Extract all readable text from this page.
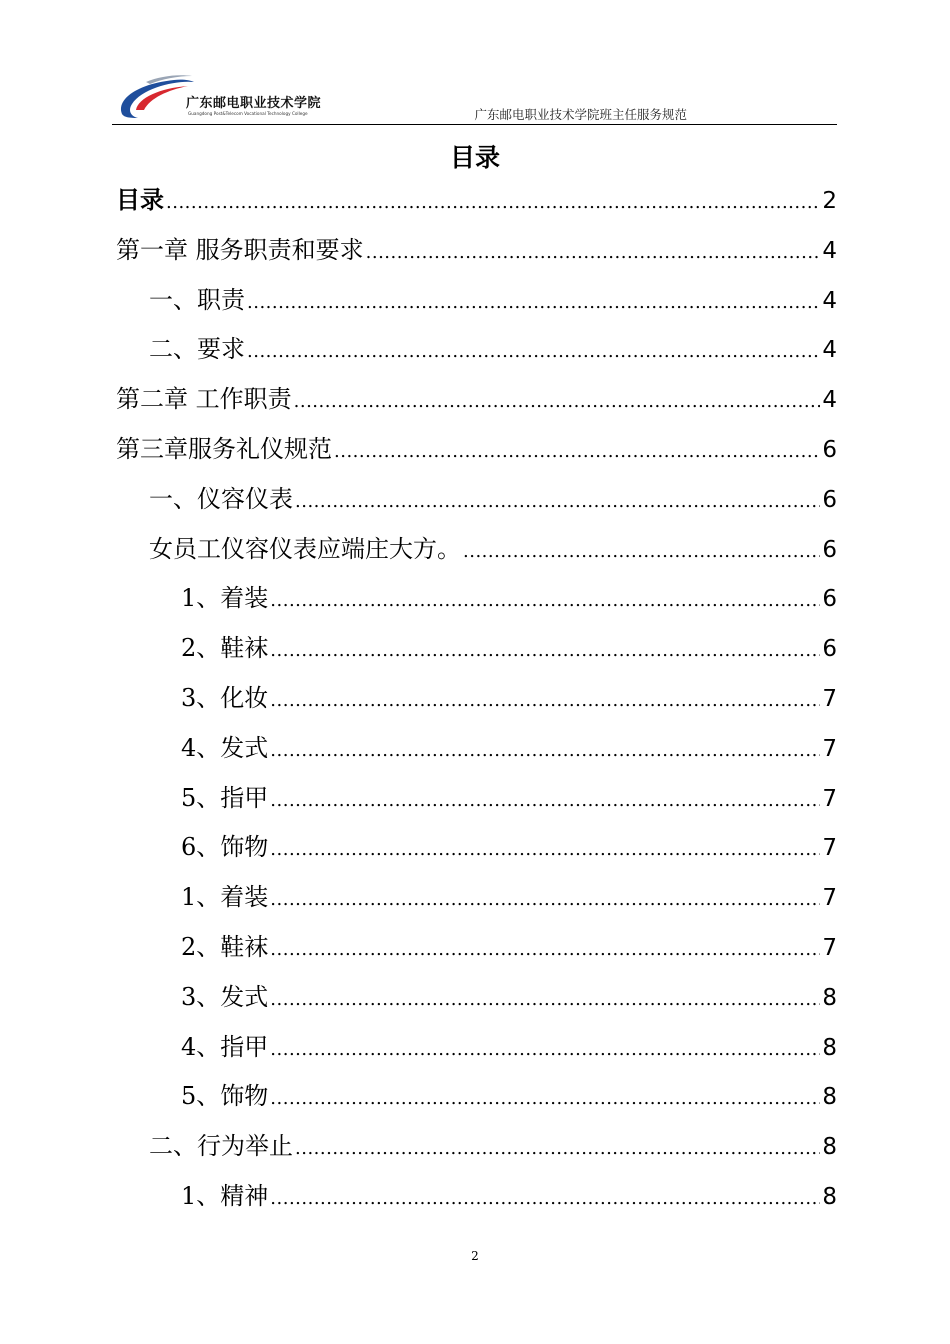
广东邮电职业技术学院
Guangdong Post&Telecom Vocational Technology College	广东邮电职业技术学院班主任服务规范
目录
目录 .....	2
第一章 服务职责和要求 .....	4
一、职责 .....	4
二、要求 .....	4
第二章 工作职责 .....	4
第三章服务礼仪规范 .....	6
一、仪容仪表 .....	6
女员工仪容仪表应端庄大方。 .....	6
1、着装 .....	6
2、鞋袜 .....	6
3、化妆 .....	7
4、发式 .....	7
5、指甲 .....	7
6、饰物 .....	7
1、着装 .....	7
2、鞋袜 .....	7
3、发式 .....	8
4、指甲 .....	8
5、饰物 .....	8
二、行为举止 .....	8
1、精神 .....	8
2
